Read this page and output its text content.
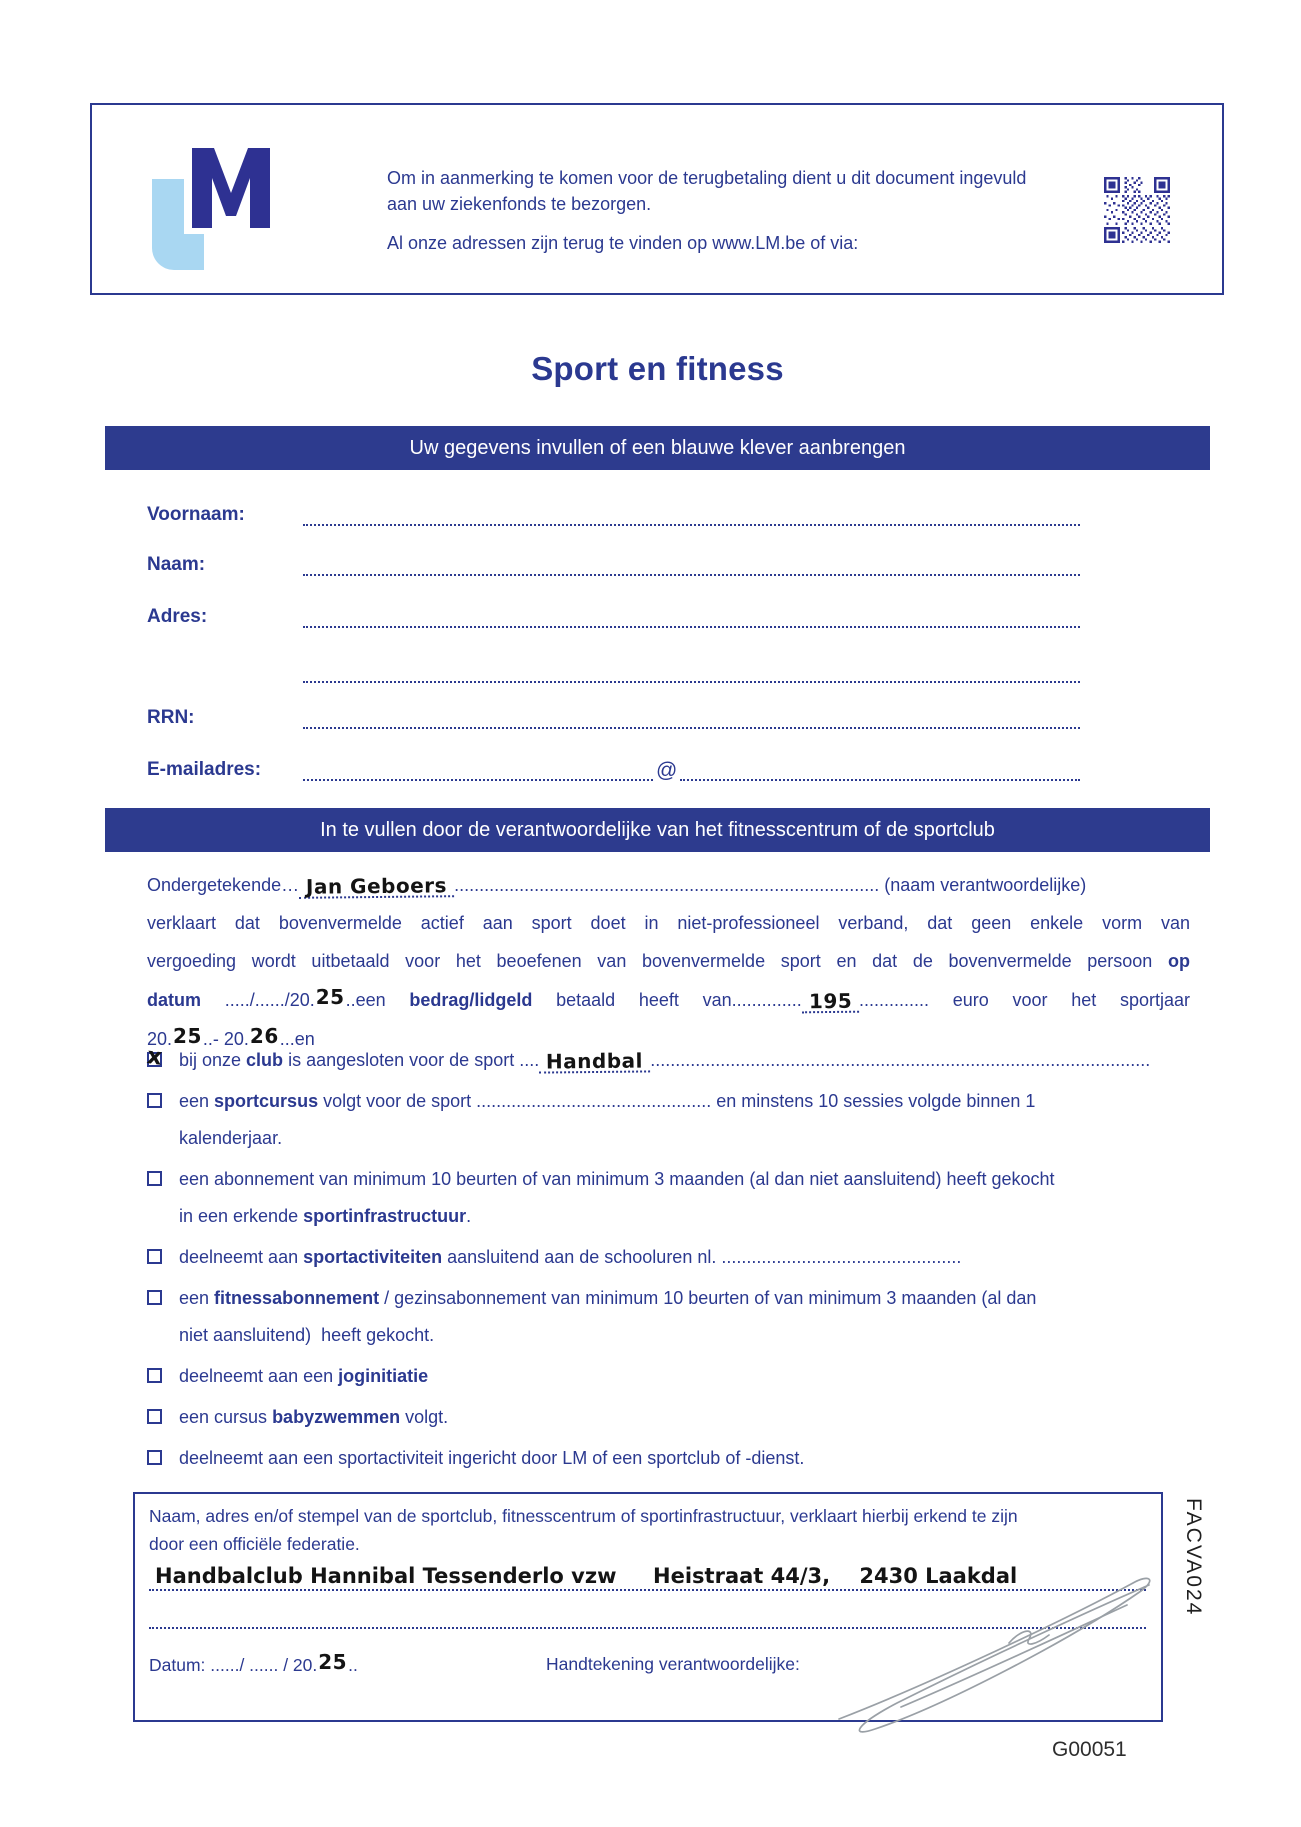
Om in aanmerking te komen voor de terugbetaling dient u dit document ingevuld aan uw ziekenfonds te bezorgen.
Al onze adressen zijn terug te vinden op www.LM.be of via:
Sport en fitness
Uw gegevens invullen of een blauwe klever aanbrengen
Voornaam:
Naam:
Adres:
RRN:
E-mailadres:	@
In te vullen door de verantwoordelijke van het fitnesscentrum of de sportclub
Ondergetekende… Jan Geboers ..................................................................................... (naam verantwoordelijke)
verklaart dat bovenvermelde actief aan sport doet in niet-professioneel verband, dat geen enkele vorm van
vergoeding wordt uitbetaald voor het beoefenen van bovenvermelde sport en dat de bovenvermelde persoon op
datum ...../....../20.25..een bedrag/lidgeld betaald heeft van.............. 195 .............. euro voor het sportjaar
20.25..- 20.26...en
x bij onze club is aangesloten voor de sport .... Handbal ....................................................................................................
een sportcursus volgt voor de sport ............................................... en minstens 10 sessies volgde binnen 1
kalenderjaar.
een abonnement van minimum 10 beurten of van minimum 3 maanden (al dan niet aansluitend) heeft gekocht
in een erkende sportinfrastructuur.
deelneemt aan sportactiviteiten aansluitend aan de schooluren nl. ................................................
een fitnessabonnement / gezinsabonnement van minimum 10 beurten of van minimum 3 maanden (al dan
niet aansluitend)  heeft gekocht.
deelneemt aan een joginitiatie
een cursus babyzwemmen volgt.
deelneemt aan een sportactiviteit ingericht door LM of een sportclub of -dienst.
Naam, adres en/of stempel van de sportclub, fitnesscentrum of sportinfrastructuur, verklaart hierbij erkend te zijn
door een officiële federatie.
Handbalclub Hannibal Tessenderlo vzw     Heistraat 44/3,    2430 Laakdal
Datum: ....../ ...... / 20.25..	Handtekening verantwoordelijke:
FACVA024
G00051
